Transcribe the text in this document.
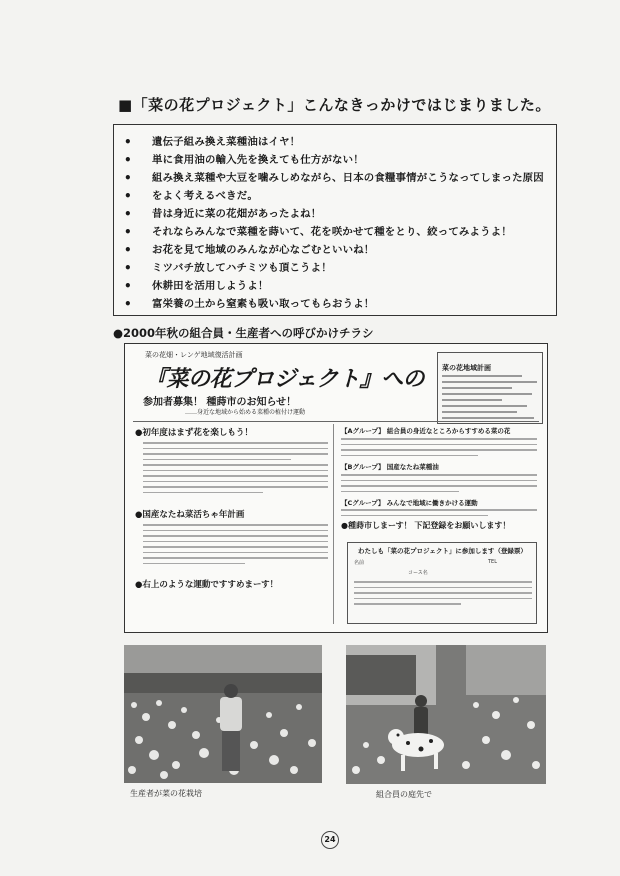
■「菜の花プロジェクト」こんなきっかけではじまりました。
• 遺伝子組み換え菜種油はイヤ！
• 単に食用油の輸入先を換えても仕方がない！
• 組み換え菜種や大豆を噛みしめながら、日本の食糧事情がこうなってしまった原因
• をよく考えるべきだ。
• 昔は身近に菜の花畑があったよね！
• それならみんなで菜種を蒔いて、花を咲かせて種をとり、絞ってみようよ！
• お花を見て地域のみんなが心なごむといいね！
• ミツバチ放してハチミツも頂こうよ！
• 休耕田を活用しようよ！
• 富栄養の土から窒素も吸い取ってもらおうよ！
●2000年秋の組合員・生産者への呼びかけチラシ
菜の花畑・レンゲ地域復活計画
『菜の花プロジェクト』への
参加者募集！ 種蒔市のお知らせ！
……身近な地域から始める菜種の植付け運動
菜の花地域計画
●初年度はまず花を楽しもう！
●国産なたね菜活ちゃ年計画
●右上のような運動ですすめまーす！
【Aグループ】 組合員の身近なところからすすめる菜の花
【Bグループ】 国産なたね菜種油
【Cグループ】 みんなで地域に働きかける運動
●種蒔市しまーす！ 下記登録をお願いします！
わたしも「菜の花プロジェクト」に参加します（登録票）
名前	TEL
コース名
生産者が菜の花栽培	組合員の庭先で
24
